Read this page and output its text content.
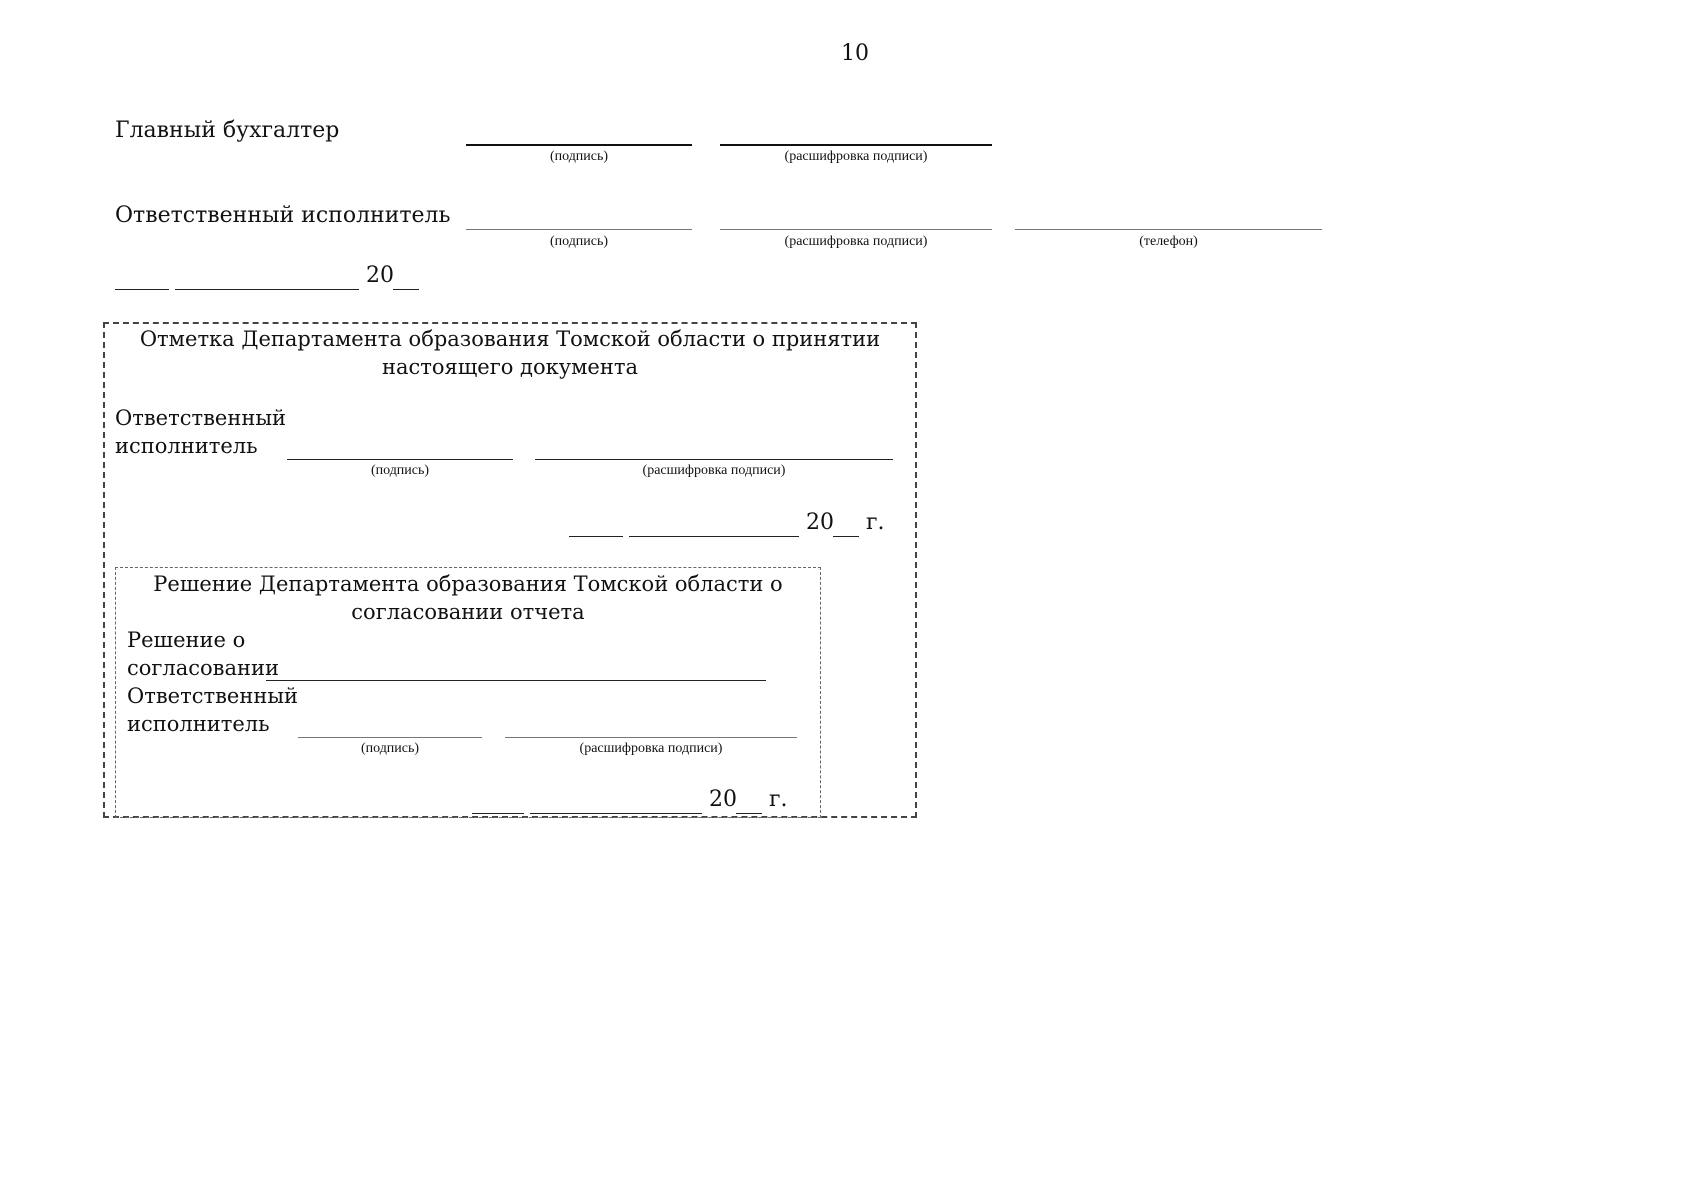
10
Главный бухгалтер
(подпись)	(расшифровка подписи)
Ответственный исполнитель
(подпись)	(расшифровка подписи)	(телефон)
20
Отметка Департамента образования Томской области о принятии
настоящего документа
Ответственный
исполнитель
(подпись)	(расшифровка подписи)
20 г.
Решение Департамента образования Томской области о
согласовании отчета
Решение о
согласовании
Ответственный
исполнитель
(подпись)	(расшифровка подписи)
20 г.
